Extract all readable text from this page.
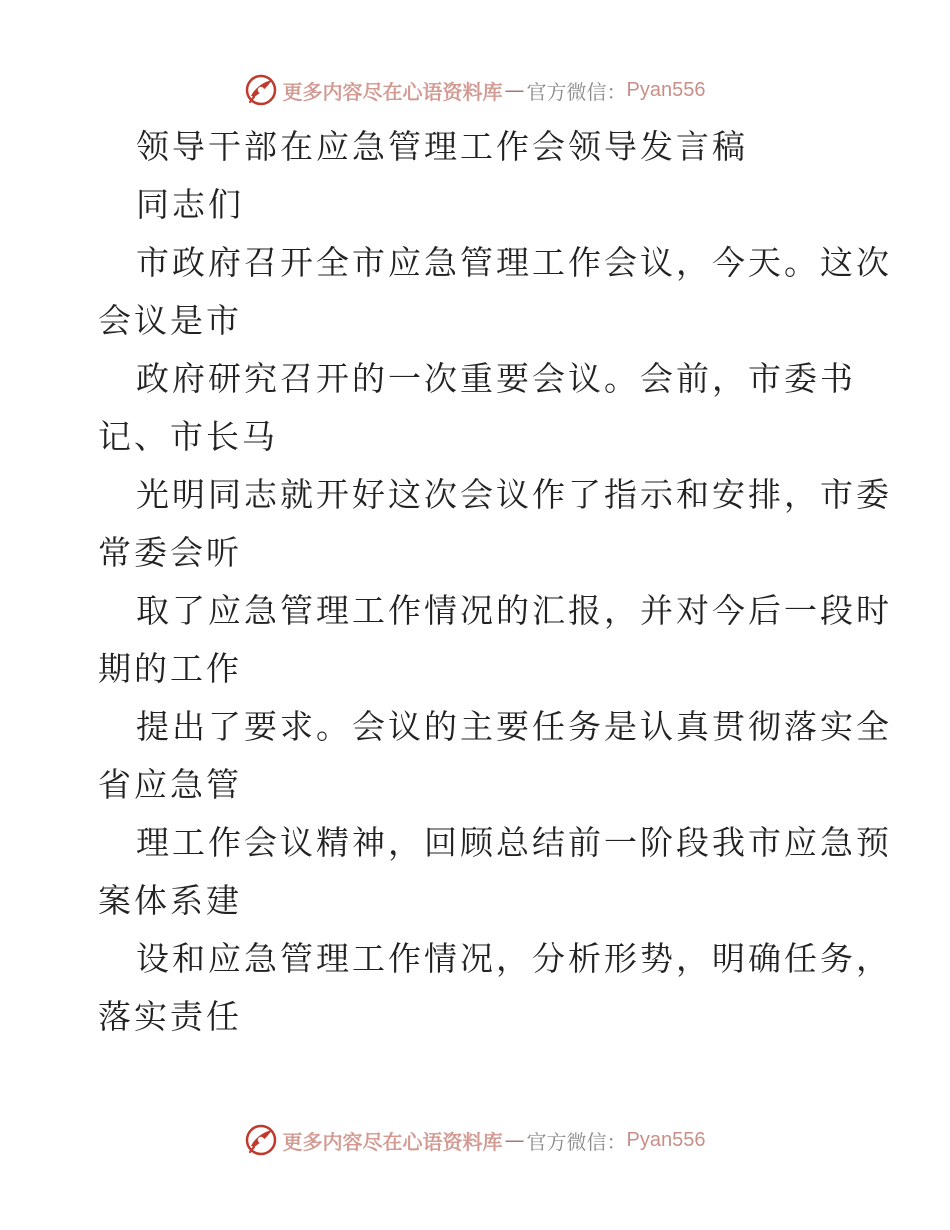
更多内容尽在心语资料库 — 官方微信： Pyan556
领导干部在应急管理工作会领导发言稿
同志们
市政府召开全市应急管理工作会议，今天。这次
会议是市
政府研究召开的一次重要会议。会前，市委书
记、市长马
光明同志就开好这次会议作了指示和安排，市委
常委会听
取了应急管理工作情况的汇报，并对今后一段时
期的工作
提出了要求。会议的主要任务是认真贯彻落实全
省应急管
理工作会议精神，回顾总结前一阶段我市应急预
案体系建
设和应急管理工作情况，分析形势，明确任务，
落实责任
更多内容尽在心语资料库 — 官方微信： Pyan556
